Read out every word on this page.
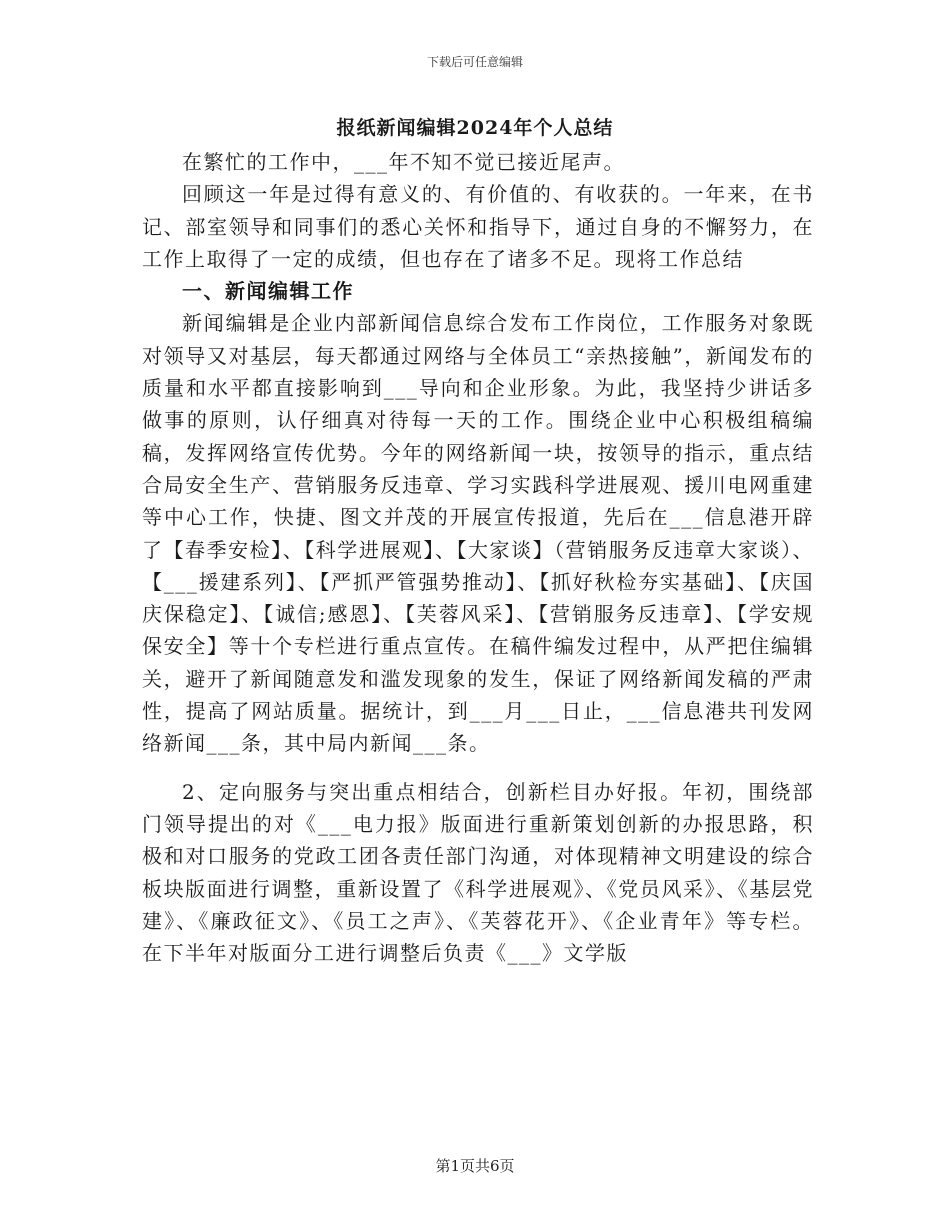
下载后可任意编辑
报纸新闻编辑2024年个人总结

在繁忙的工作中，___年不知不觉已接近尾声。

回顾这一年是过得有意义的、有价值的、有收获的。一年来，在书记、部室领导和同事们的悉心关怀和指导下，通过自身的不懈努力，在工作上取得了一定的成绩，但也存在了诸多不足。现将工作总结

一、新闻编辑工作

新闻编辑是企业内部新闻信息综合发布工作岗位，工作服务对象既对领导又对基层，每天都通过网络与全体员工“亲热接触”，新闻发布的质量和水平都直接影响到___导向和企业形象。为此，我坚持少讲话多做事的原则，认仔细真对待每一天的工作。围绕企业中心积极组稿编稿，发挥网络宣传优势。今年的网络新闻一块，按领导的指示，重点结合局安全生产、营销服务反违章、学习实践科学进展观、援川电网重建等中心工作，快捷、图文并茂的开展宣传报道，先后在___信息港开辟了【春季安检】、【科学进展观】、【大家谈】（营销服务反违章大家谈）、【___援建系列】、【严抓严管强势推动】、【抓好秋检夯实基础】、【庆国庆保稳定】、【诚信;感恩】、【芙蓉风采】、【营销服务反违章】、【学安规保安全】等十个专栏进行重点宣传。在稿件编发过程中，从严把住编辑关，避开了新闻随意发和滥发现象的发生，保证了网络新闻发稿的严肃性，提高了网站质量。据统计，到___月___日止，___信息港共刊发网络新闻___条，其中局内新闻___条。

2、定向服务与突出重点相结合，创新栏目办好报。年初，围绕部门领导提出的对《___电力报》版面进行重新策划创新的办报思路，积极和对口服务的党政工团各责任部门沟通，对体现精神文明建设的综合板块版面进行调整，重新设置了《科学进展观》、《党员风采》、《基层党建》、《廉政征文》、《员工之声》、《芙蓉花开》、《企业青年》等专栏。在下半年对版面分工进行调整后负责《___》文学版

第1页共6页
